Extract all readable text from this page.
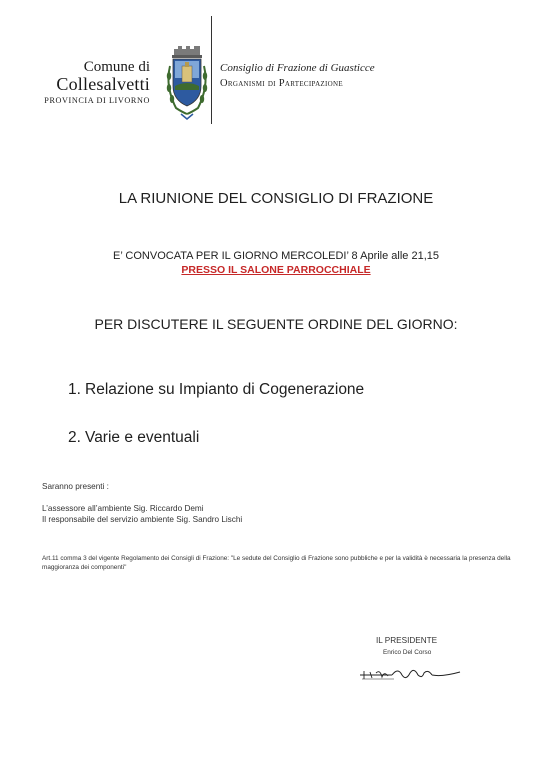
Comune di
Collesalvetti
PROVINCIA DI LIVORNO
Consiglio di Frazione di Guasticce
Organismi di Partecipazione
LA RIUNIONE DEL CONSIGLIO DI FRAZIONE
E’ CONVOCATA PER IL GIORNO MERCOLEDI’ 8 Aprile alle 21,15
PRESSO IL SALONE PARROCCHIALE
PER DISCUTERE IL SEGUENTE ORDINE DEL GIORNO:
1. Relazione su Impianto di Cogenerazione
2. Varie e eventuali
Saranno presenti :
L’assessore all’ambiente Sig. Riccardo Demi
Il responsabile del servizio ambiente Sig. Sandro Lischi
Art.11 comma 3 del vigente Regolamento dei Consigli di Frazione: "Le sedute del Consiglio di Frazione sono pubbliche e per la validità è necessaria la presenza della maggioranza dei componenti"
IL PRESIDENTE
Enrico Del Corso
